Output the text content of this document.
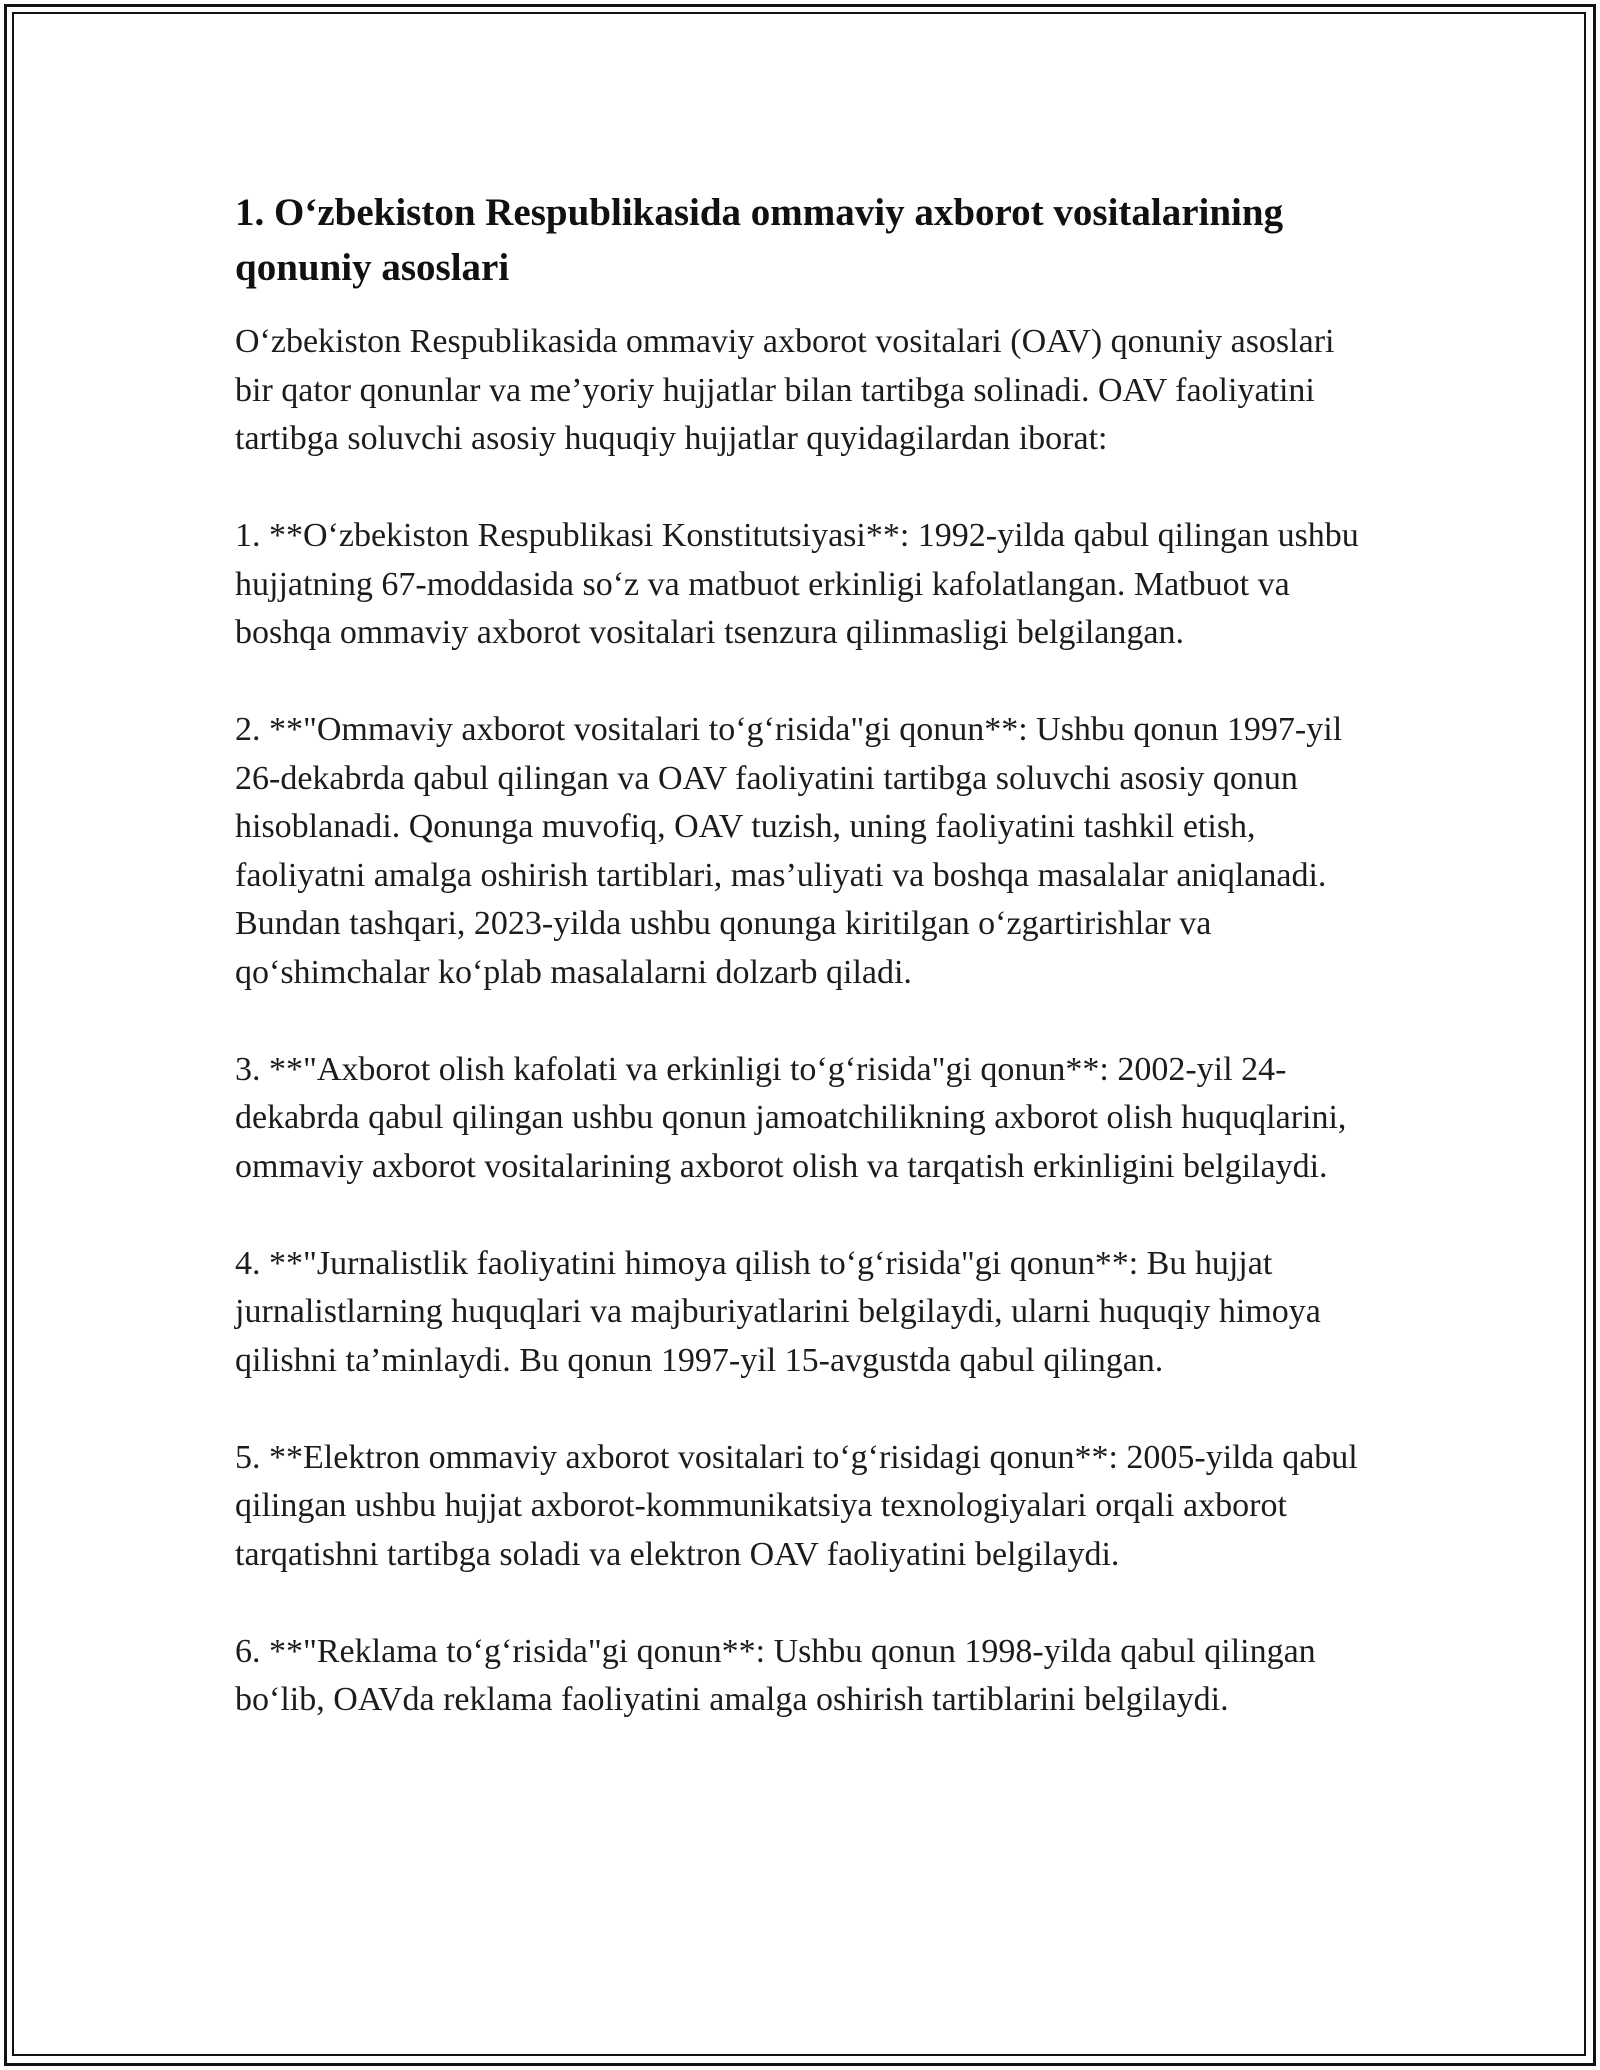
1. O‘zbekiston Respublikasida ommaviy axborot vositalarining qonuniy asoslari

O‘zbekiston Respublikasida ommaviy axborot vositalari (OAV) qonuniy asoslari bir qator qonunlar va me’yoriy hujjatlar bilan tartibga solinadi. OAV faoliyatini tartibga soluvchi asosiy huquqiy hujjatlar quyidagilardan iborat:

1. **O‘zbekiston Respublikasi Konstitutsiyasi**: 1992-yilda qabul qilingan ushbu hujjatning 67-moddasida so‘z va matbuot erkinligi kafolatlangan. Matbuot va boshqa ommaviy axborot vositalari tsenzura qilinmasligi belgilangan.

2. **"Ommaviy axborot vositalari to‘g‘risida"gi qonun**: Ushbu qonun 1997-yil 26-dekabrda qabul qilingan va OAV faoliyatini tartibga soluvchi asosiy qonun hisoblanadi. Qonunga muvofiq, OAV tuzish, uning faoliyatini tashkil etish, faoliyatni amalga oshirish tartiblari, mas’uliyati va boshqa masalalar aniqlanadi. Bundan tashqari, 2023-yilda ushbu qonunga kiritilgan o‘zgartirishlar va qo‘shimchalar ko‘plab masalalarni dolzarb qiladi.

3. **"Axborot olish kafolati va erkinligi to‘g‘risida"gi qonun**: 2002-yil 24-dekabrda qabul qilingan ushbu qonun jamoatchilikning axborot olish huquqlarini, ommaviy axborot vositalarining axborot olish va tarqatish erkinligini belgilaydi.

4. **"Jurnalistlik faoliyatini himoya qilish to‘g‘risida"gi qonun**: Bu hujjat jurnalistlarning huquqlari va majburiyatlarini belgilaydi, ularni huquqiy himoya qilishni ta’minlaydi. Bu qonun 1997-yil 15-avgustda qabul qilingan.

5. **Elektron ommaviy axborot vositalari to‘g‘risidagi qonun**: 2005-yilda qabul qilingan ushbu hujjat axborot-kommunikatsiya texnologiyalari orqali axborot tarqatishni tartibga soladi va elektron OAV faoliyatini belgilaydi.

6. **"Reklama to‘g‘risida"gi qonun**: Ushbu qonun 1998-yilda qabul qilingan bo‘lib, OAVda reklama faoliyatini amalga oshirish tartiblarini belgilaydi.
